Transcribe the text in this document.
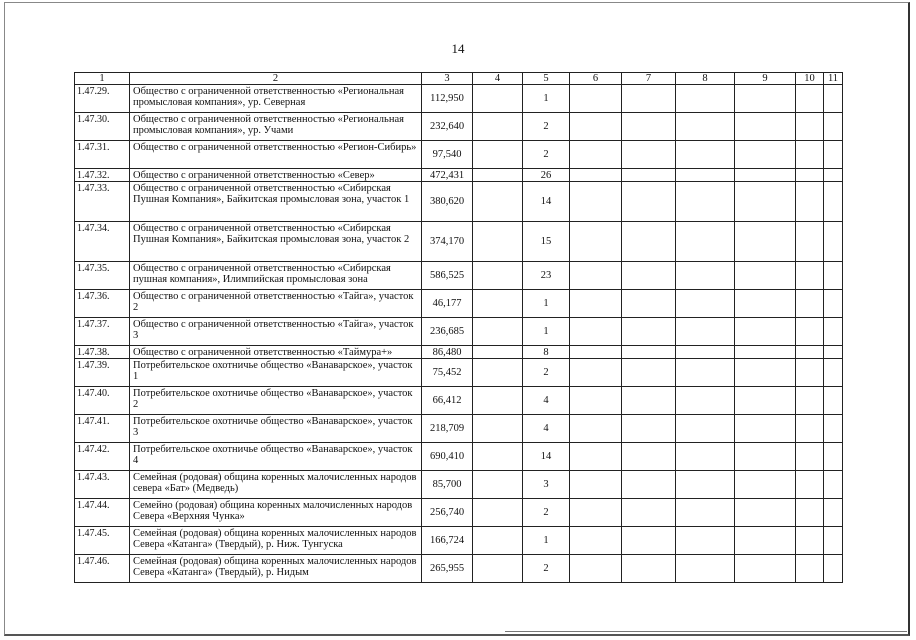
14
1	2	3	4	5	6	7	8	9	10	11
1.47.29.	Общество с ограниченной ответственностью «Региональная промысловая компания», ур. Северная	112,950		1						
1.47.30.	Общество с ограниченной ответственностью «Региональная промысловая компания», ур. Учами	232,640		2						
1.47.31.	Общество с ограниченной ответственностью «Регион-Сибирь»	97,540		2						
1.47.32.	Общество с ограниченной ответственностью «Север»	472,431		26						
1.47.33.	Общество с ограниченной ответственностью «Сибирская Пушная Компания», Байкитская промысловая зона, участок 1	380,620		14						
1.47.34.	Общество с ограниченной ответственностью «Сибирская Пушная Компания», Байкитская промысловая зона, участок 2	374,170		15						
1.47.35.	Общество с ограниченной ответственностью «Сибирская пушная компания», Илимпийская промысловая зона	586,525		23						
1.47.36.	Общество с ограниченной ответственностью «Тайга», участок 2	46,177		1						
1.47.37.	Общество с ограниченной ответственностью «Тайга», участок 3	236,685		1						
1.47.38.	Общество с ограниченной ответственностью «Таймура+»	86,480		8						
1.47.39.	Потребительское охотничье общество «Ванаварское», участок 1	75,452		2						
1.47.40.	Потребительское охотничье общество «Ванаварское», участок 2	66,412		4						
1.47.41.	Потребительское охотничье общество «Ванаварское», участок 3	218,709		4						
1.47.42.	Потребительское охотничье общество «Ванаварское», участок 4	690,410		14						
1.47.43.	Семейная (родовая) община коренных малочисленных народов севера «Бат» (Медведь)	85,700		3						
1.47.44.	Семейно (родовая) община коренных малочисленных народов Севера «Верхняя Чунка»	256,740		2						
1.47.45.	Семейная (родовая) община коренных малочисленных народов Севера «Катанга» (Твердый), р. Ниж. Тунгуска	166,724		1						
1.47.46.	Семейная (родовая) община коренных малочисленных народов Севера «Катанга» (Твердый), р. Нидым	265,955		2						
